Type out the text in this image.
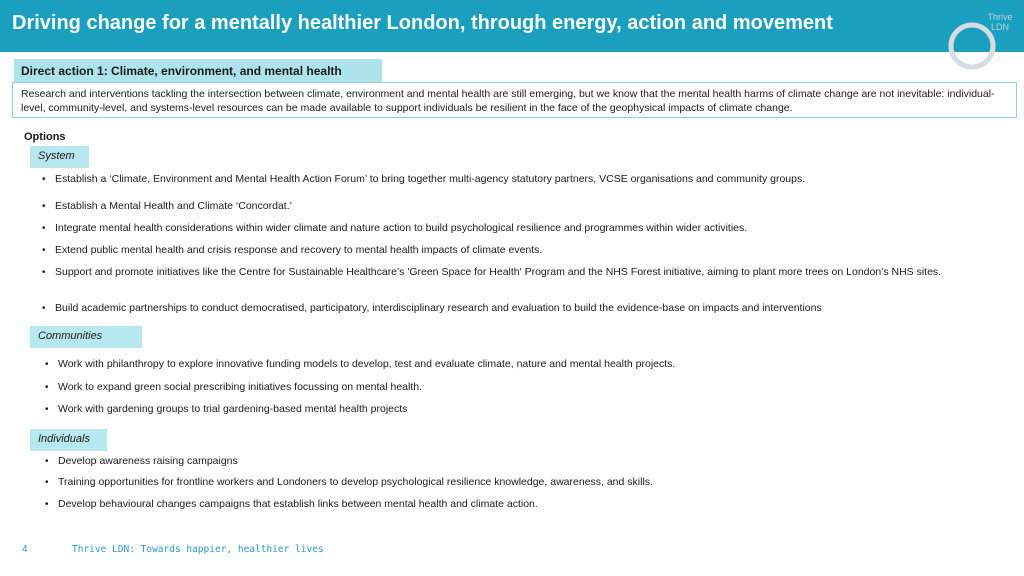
Driving change for a mentally healthier London, through energy, action and movement	Thrive LDN
Direct action 1: Climate, environment, and mental health
Research and interventions tackling the intersection between climate, environment and mental health are still emerging, but we know that the mental health harms of climate change are not inevitable: individual-level, community-level, and systems-level resources can be made available to support individuals be resilient in the face of the geophysical impacts of climate change.
Options
System
• Establish a ‘Climate, Environment and Mental Health Action Forum’ to bring together multi-agency statutory partners, VCSE organisations and community groups.
• Establish a Mental Health and Climate ‘Concordat.’
• Integrate mental health considerations within wider climate and nature action to build psychological resilience and programmes within wider activities.
• Extend public mental health and crisis response and recovery to mental health impacts of climate events.
• Support and promote initiatives like the Centre for Sustainable Healthcare’s 'Green Space for Health' Program and the NHS Forest initiative, aiming to plant more trees on London’s NHS sites.
• Build academic partnerships to conduct democratised, participatory, interdisciplinary research and evaluation to build the evidence-base on impacts and interventions
Communities
• Work with philanthropy to explore innovative funding models to develop, test and evaluate climate, nature and mental health projects.
• Work to expand green social prescribing initiatives focussing on mental health.
• Work with gardening groups to trial gardening-based mental health projects
Individuals
• Develop awareness raising campaigns
• Training opportunities for frontline workers and Londoners to develop psychological resilience knowledge, awareness, and skills.
• Develop behavioural changes campaigns that establish links between mental health and climate action.
4	Thrive LDN: Towards happier, healthier lives
